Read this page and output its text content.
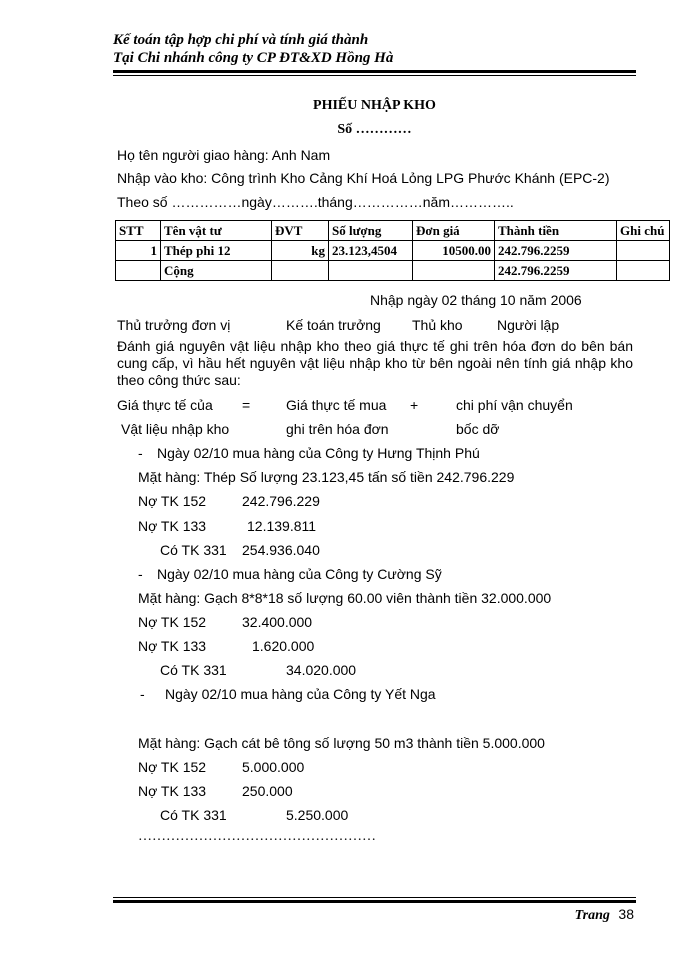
Kế toán tập hợp chi phí và tính giá thành
Tại Chi nhánh công ty CP ĐT&XD Hồng Hà
PHIẾU NHẬP KHO
Số …………
Họ tên người giao hàng: Anh Nam
Nhập vào kho: Công trình Kho Cảng Khí Hoá Lỏng LPG Phước Khánh (EPC-2)
Theo số ……………ngày……….tháng……………năm…………..
STT	Tên vật tư	ĐVT	Số lượng	Đơn giá	Thành tiền	Ghi chú
1	Thép phi 12	kg	23.123,4504	10500.00	242.796.2259	
	Cộng				242.796.2259	
Nhập ngày 02 tháng 10 năm 2006
Thủ trưởng đơn vị	Kế toán trưởng Thủ kho Người lập
Đánh giá nguyên vật liệu nhập kho theo giá thực tế ghi trên hóa đơn do bên bán cung cấp, vì hầu hết nguyên vật liệu nhập kho từ bên ngoài nên tính giá nhập kho theo công thức sau:
Giá thực tế của =	Giá thực tế mua +	chi phí vận chuyển
Vật liệu nhập kho	ghi trên hóa đơn	bốc dỡ
- Ngày 02/10 mua hàng của Công ty Hưng Thịnh Phú
Mặt hàng: Thép Số lượng 23.123,45 tấn số tiền 242.796.229
Nợ TK 152	242.796.229
Nợ TK 133	12.139.811
Có TK 331 254.936.040
- Ngày 02/10 mua hàng của Công ty Cường Sỹ
Mặt hàng: Gạch 8*8*18 số lượng 60.00 viên thành tiền 32.000.000
Nợ TK 152	32.400.000
Nợ TK 133	1.620.000
Có TK 331	34.020.000
- Ngày 02/10 mua hàng của Công ty Yết Nga
Mặt hàng: Gạch cát bê tông số lượng 50 m3 thành tiền 5.000.000
Nợ TK 152	5.000.000
Nợ TK 133	250.000
Có TK 331	5.250.000
……………………………………………
Trang 38
